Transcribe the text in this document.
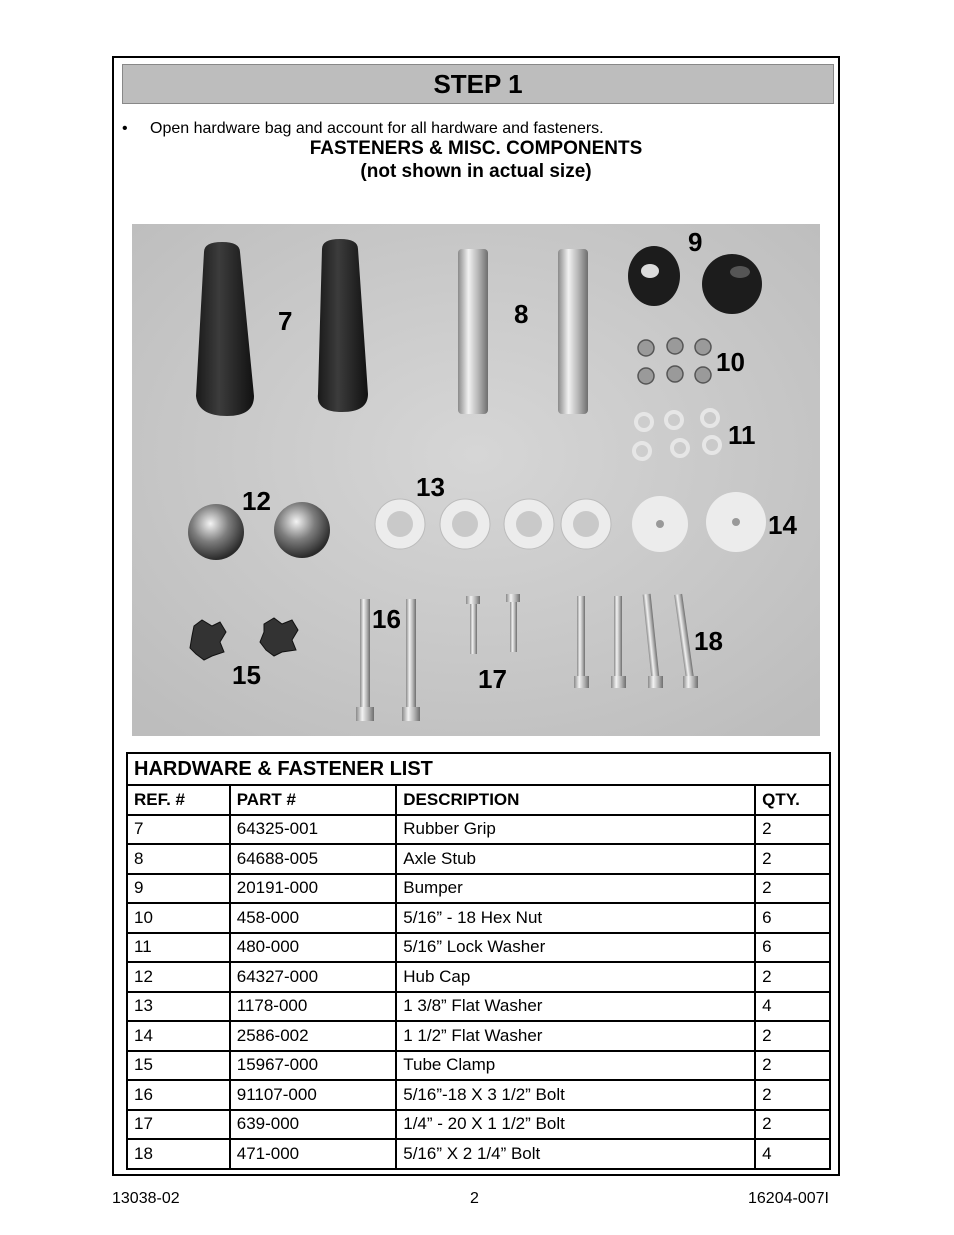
STEP 1
•	Open hardware bag and account for all hardware and fasteners.
FASTENERS & MISC. COMPONENTS
(not shown in actual size)
7	8
9
10
11
12	13
14
15
16
17
18
HARDWARE & FASTENER LIST			
REF. #	PART #	DESCRIPTION	QTY.
7	64325-001	Rubber Grip	2
8	64688-005	Axle Stub	2
9	20191-000	Bumper	2
10	458-000	5/16” - 18 Hex Nut	6
11	480-000	5/16” Lock Washer	6
12	64327-000	Hub Cap	2
13	1178-000	1 3/8” Flat Washer	4
14	2586-002	1 1/2” Flat Washer	2
15	15967-000	Tube Clamp	2
16	91107-000	5/16”-18 X 3 1/2” Bolt	2
17	639-000	1/4” - 20 X 1 1/2” Bolt	2
18	471-000	5/16” X 2 1/4” Bolt	4
13038-02	2	16204-007I
